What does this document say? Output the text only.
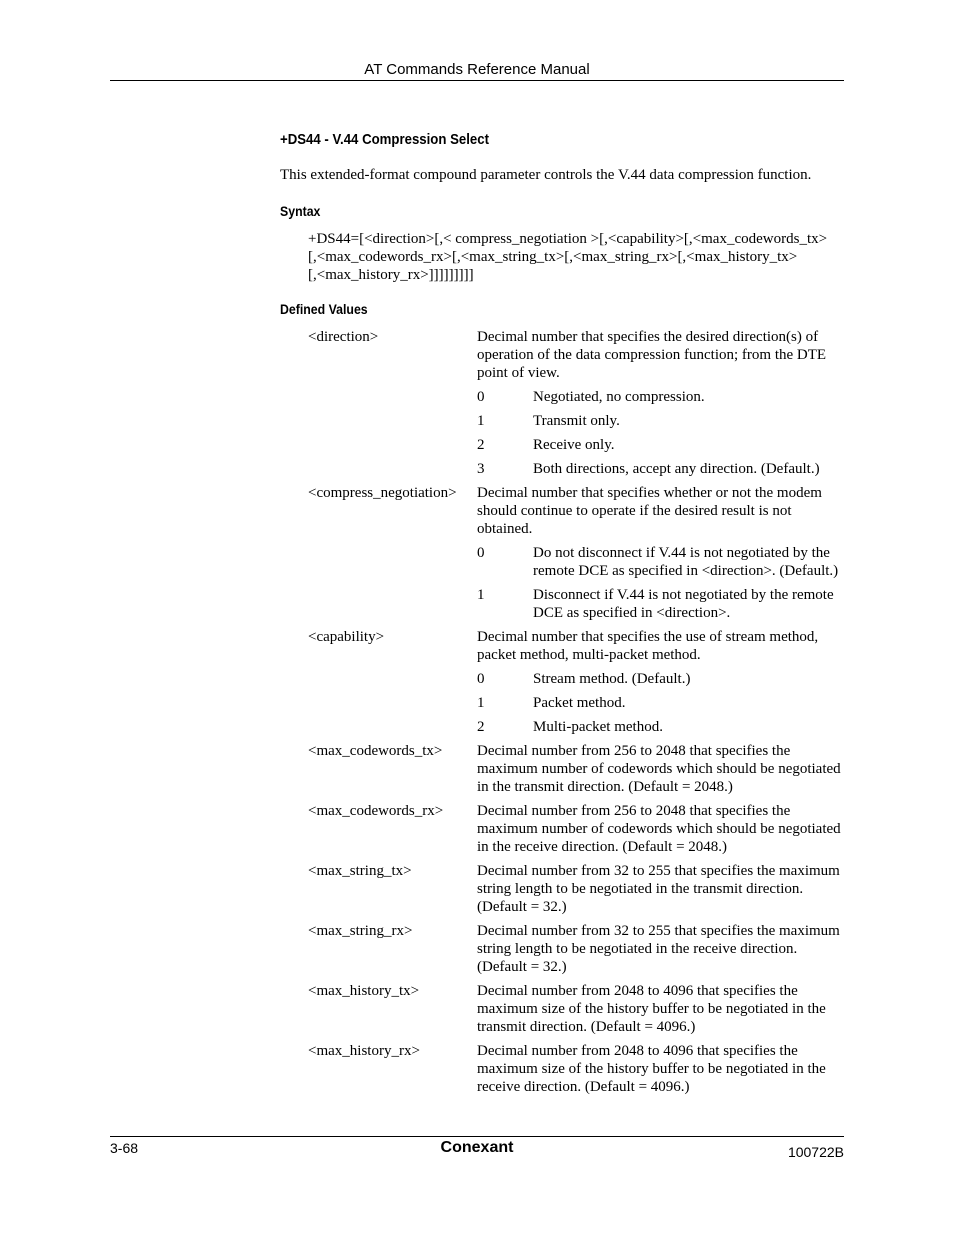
AT Commands Reference Manual
+DS44 - V.44 Compression Select
This extended-format compound parameter controls the V.44 data compression function.
Syntax
+DS44=[<direction>[,< compress_negotiation >[,<capability>[,<max_codewords_tx>
[,<max_codewords_rx>[,<max_string_tx>[,<max_string_rx>[,<max_history_tx>
[,<max_history_rx>]]]]]]]]]
Defined Values
<direction>	Decimal number that specifies the desired direction(s) of operation of the data compression function; from the DTE point of view.
0	Negotiated, no compression.
1	Transmit only.
2	Receive only.
3	Both directions, accept any direction. (Default.)
<compress_negotiation>	Decimal number that specifies whether or not the modem should continue to operate if the desired result is not obtained.
0	Do not disconnect if V.44 is not negotiated by the remote DCE as specified in <direction>. (Default.)
1	Disconnect if V.44 is not negotiated by the remote DCE as specified in <direction>.
<capability>	Decimal number that specifies the use of stream method, packet method, multi-packet method.
0	Stream method. (Default.)
1	Packet method.
2	Multi-packet method.
<max_codewords_tx>	Decimal number from 256 to 2048 that specifies the maximum number of codewords which should be negotiated in the transmit direction. (Default = 2048.)
<max_codewords_rx>	Decimal number from 256 to 2048 that specifies the maximum number of codewords which should be negotiated in the receive direction. (Default = 2048.)
<max_string_tx>	Decimal number from 32 to 255 that specifies the maximum string length to be negotiated in the transmit direction. (Default = 32.)
<max_string_rx>	Decimal number from 32 to 255 that specifies the maximum string length to be negotiated in the receive direction. (Default = 32.)
<max_history_tx>	Decimal number from 2048 to 4096 that specifies the maximum size of the history buffer to be negotiated in the transmit direction. (Default = 4096.)
<max_history_rx>	Decimal number from 2048 to 4096 that specifies the maximum size of the history buffer to be negotiated in the receive direction. (Default = 4096.)
3-68	Conexant	100722B
